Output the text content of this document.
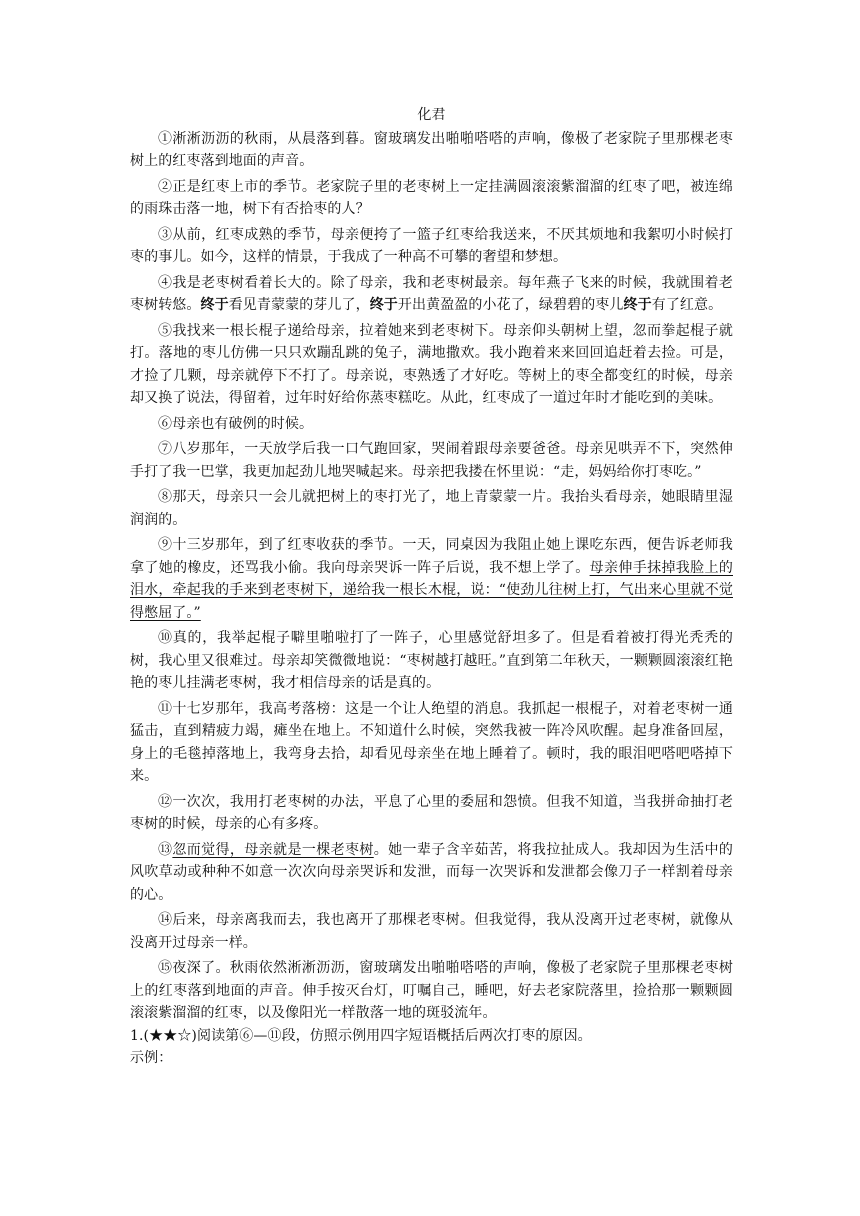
化君

①淅淅沥沥的秋雨，从晨落到暮。窗玻璃发出啪啪嗒嗒的声响，像极了老家院子里那棵老枣树上的红枣落到地面的声音。

②正是红枣上市的季节。老家院子里的老枣树上一定挂满圆滚滚紫溜溜的红枣了吧，被连绵的雨珠击落一地，树下有否拾枣的人？

③从前，红枣成熟的季节，母亲便挎了一篮子红枣给我送来，不厌其烦地和我絮叨小时候打枣的事儿。如今，这样的情景，于我成了一种高不可攀的奢望和梦想。

④我是老枣树看着长大的。除了母亲，我和老枣树最亲。每年燕子飞来的时候，我就围着老枣树转悠。终于看见青蒙蒙的芽儿了，终于开出黄盈盈的小花了，绿碧碧的枣儿终于有了红意。

⑤我找来一根长棍子递给母亲，拉着她来到老枣树下。母亲仰头朝树上望，忽而拳起棍子就打。落地的枣儿仿佛一只只欢蹦乱跳的兔子，满地撒欢。我小跑着来来回回追赶着去捡。可是，才捡了几颗，母亲就停下不打了。母亲说，枣熟透了才好吃。等树上的枣全都变红的时候，母亲却又换了说法，得留着，过年时好给你蒸枣糕吃。从此，红枣成了一道过年时才能吃到的美味。

⑥母亲也有破例的时候。

⑦八岁那年，一天放学后我一口气跑回家，哭闹着跟母亲要爸爸。母亲见哄弄不下，突然伸手打了我一巴掌，我更加起劲儿地哭喊起来。母亲把我搂在怀里说：“走，妈妈给你打枣吃。”

⑧那天，母亲只一会儿就把树上的枣打光了，地上青蒙蒙一片。我抬头看母亲，她眼睛里湿润润的。

⑨十三岁那年，到了红枣收获的季节。一天，同桌因为我阻止她上课吃东西，便告诉老师我拿了她的橡皮，还骂我小偷。我向母亲哭诉一阵子后说，我不想上学了。母亲伸手抹掉我脸上的泪水，牵起我的手来到老枣树下，递给我一根长木棍，说：“使劲儿往树上打，气出来心里就不觉得憋屈了。”

⑩真的，我举起棍子噼里啪啦打了一阵子，心里感觉舒坦多了。但是看着被打得光秃秃的树，我心里又很难过。母亲却笑微微地说：“枣树越打越旺。”直到第二年秋天，一颗颗圆滚滚红艳艳的枣儿挂满老枣树，我才相信母亲的话是真的。

⑪十七岁那年，我高考落榜：这是一个让人绝望的消息。我抓起一根棍子，对着老枣树一通猛击，直到精疲力竭，瘫坐在地上。不知道什么时候，突然我被一阵冷风吹醒。起身准备回屋，身上的毛毯掉落地上，我弯身去拾，却看见母亲坐在地上睡着了。顿时，我的眼泪吧嗒吧嗒掉下来。

⑫一次次，我用打老枣树的办法，平息了心里的委屈和怨愤。但我不知道，当我拼命抽打老枣树的时候，母亲的心有多疼。

⑬忽而觉得，母亲就是一棵老枣树。她一辈子含辛茹苦，将我拉扯成人。我却因为生活中的风吹草动或种种不如意一次次向母亲哭诉和发泄，而每一次哭诉和发泄都会像刀子一样割着母亲的心。

⑭后来，母亲离我而去，我也离开了那棵老枣树。但我觉得，我从没离开过老枣树，就像从没离开过母亲一样。

⑮夜深了。秋雨依然淅淅沥沥，窗玻璃发出啪啪嗒嗒的声响，像极了老家院子里那棵老枣树上的红枣落到地面的声音。伸手按灭台灯，叮嘱自己，睡吧，好去老家院落里，捡拾那一颗颗圆滚滚紫溜溜的红枣，以及像阳光一样散落一地的斑驳流年。

1.(★★☆)阅读第⑥—⑪段，仿照示例用四字短语概括后两次打枣的原因。

示例：
